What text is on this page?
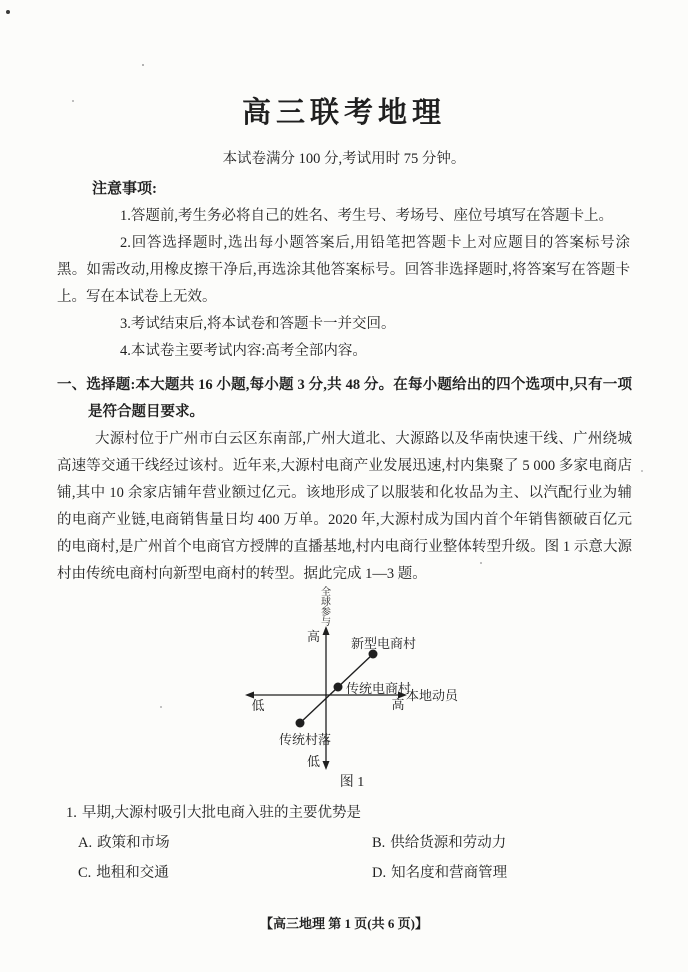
高三联考地理
本试卷满分 100 分,考试用时 75 分钟。

注意事项:

1.答题前,考生务必将自己的姓名、考生号、考场号、座位号填写在答题卡上。

2.回答选择题时,选出每小题答案后,用铅笔把答题卡上对应题目的答案标号涂黑。如需改动,用橡皮擦干净后,再选涂其他答案标号。回答非选择题时,将答案写在答题卡上。写在本试卷上无效。

3.考试结束后,将本试卷和答题卡一并交回。

4.本试卷主要考试内容:高考全部内容。

一、选择题:本大题共 16 小题,每小题 3 分,共 48 分。在每小题给出的四个选项中,只有一项是符合题目要求。

大源村位于广州市白云区东南部,广州大道北、大源路以及华南快速干线、广州绕城高速等交通干线经过该村。近年来,大源村电商产业发展迅速,村内集聚了 5 000 多家电商店铺,其中 10 余家店铺年营业额过亿元。该地形成了以服装和化妆品为主、以汽配行业为辅的电商产业链,电商销售量日均 400 万单。2020 年,大源村成为国内首个年销售额破百亿元的电商村,是广州首个电商官方授牌的直播基地,村内电商行业整体转型升级。图 1 示意大源村由传统电商村向新型电商村的转型。据此完成 1—3 题。

全
球
参
与
高
低
低	高
本地动员
传统村落
传统电商村
新型电商村
图 1

1. 早期,大源村吸引大批电商入驻的主要优势是

A. 政策和市场	B. 供给货源和劳动力
C. 地租和交通	D. 知名度和营商管理
【高三地理 第 1 页(共 6 页)】
